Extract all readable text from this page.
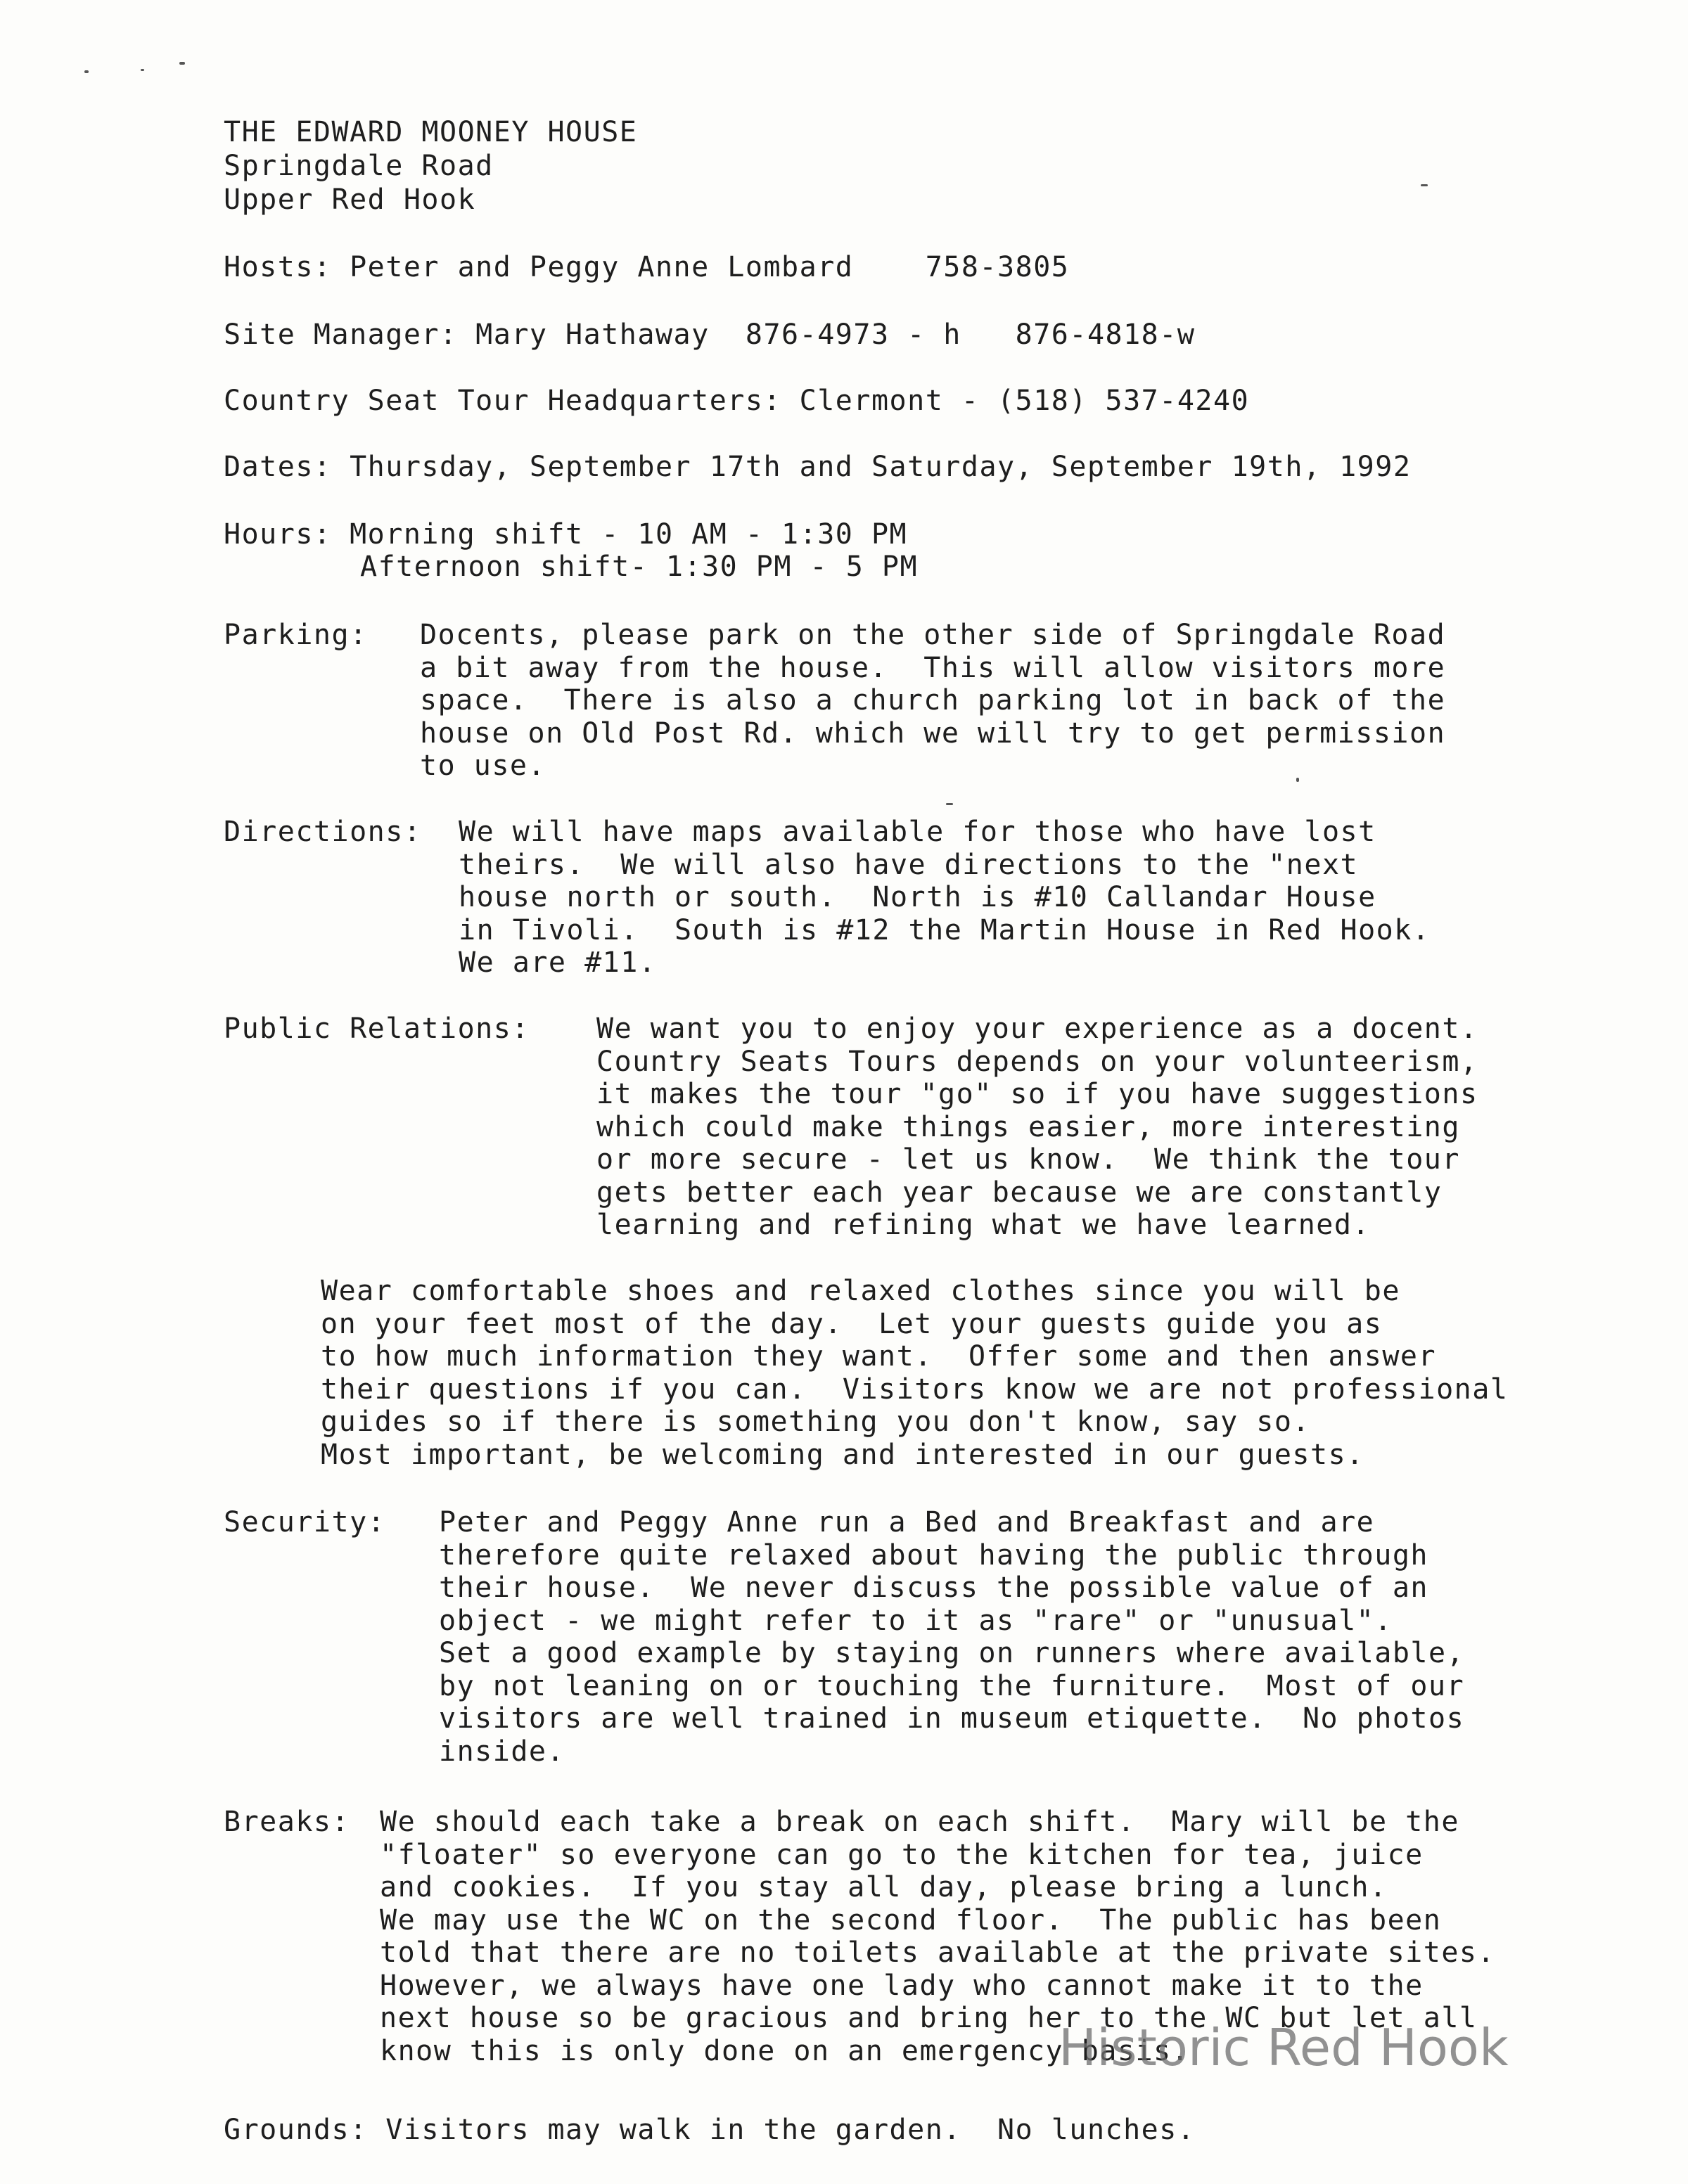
THE EDWARD MOONEY HOUSE
Springdale Road
Upper Red Hook
Hosts: Peter and Peggy Anne Lombard    758-3805
Site Manager: Mary Hathaway  876-4973 - h   876-4818-w
Country Seat Tour Headquarters: Clermont - (518) 537-4240
Dates: Thursday, September 17th and Saturday, September 19th, 1992
Hours: Morning shift - 10 AM - 1:30 PM
Afternoon shift- 1:30 PM - 5 PM
Parking: Docents, please park on the other side of Springdale Road
a bit away from the house.  This will allow visitors more
space.  There is also a church parking lot in back of the
house on Old Post Rd. which we will try to get permission
to use.
Directions: We will have maps available for those who have lost
theirs.  We will also have directions to the "next
house north or south.  North is #10 Callandar House
in Tivoli.  South is #12 the Martin House in Red Hook.
We are #11.
Public Relations: We want you to enjoy your experience as a docent.
Country Seats Tours depends on your volunteerism,
it makes the tour "go" so if you have suggestions
which could make things easier, more interesting
or more secure - let us know.  We think the tour
gets better each year because we are constantly
learning and refining what we have learned.
Wear comfortable shoes and relaxed clothes since you will be
on your feet most of the day.  Let your guests guide you as
to how much information they want.  Offer some and then answer
their questions if you can.  Visitors know we are not professional
guides so if there is something you don't know, say so.
Most important, be welcoming and interested in our guests.
Security: Peter and Peggy Anne run a Bed and Breakfast and are
therefore quite relaxed about having the public through
their house.  We never discuss the possible value of an
object - we might refer to it as "rare" or "unusual".
Set a good example by staying on runners where available,
by not leaning on or touching the furniture.  Most of our
visitors are well trained in museum etiquette.  No photos
inside.
Breaks: We should each take a break on each shift.  Mary will be the
"floater" so everyone can go to the kitchen for tea, juice
and cookies.  If you stay all day, please bring a lunch.
We may use the WC on the second floor.  The public has been
told that there are no toilets available at the private sites.
However, we always have one lady who cannot make it to the
next house so be gracious and bring her to the WC but let all
know this is only done on an emergency basis.
Grounds: Visitors may walk in the garden.  No lunches.
Historic Red Hook
